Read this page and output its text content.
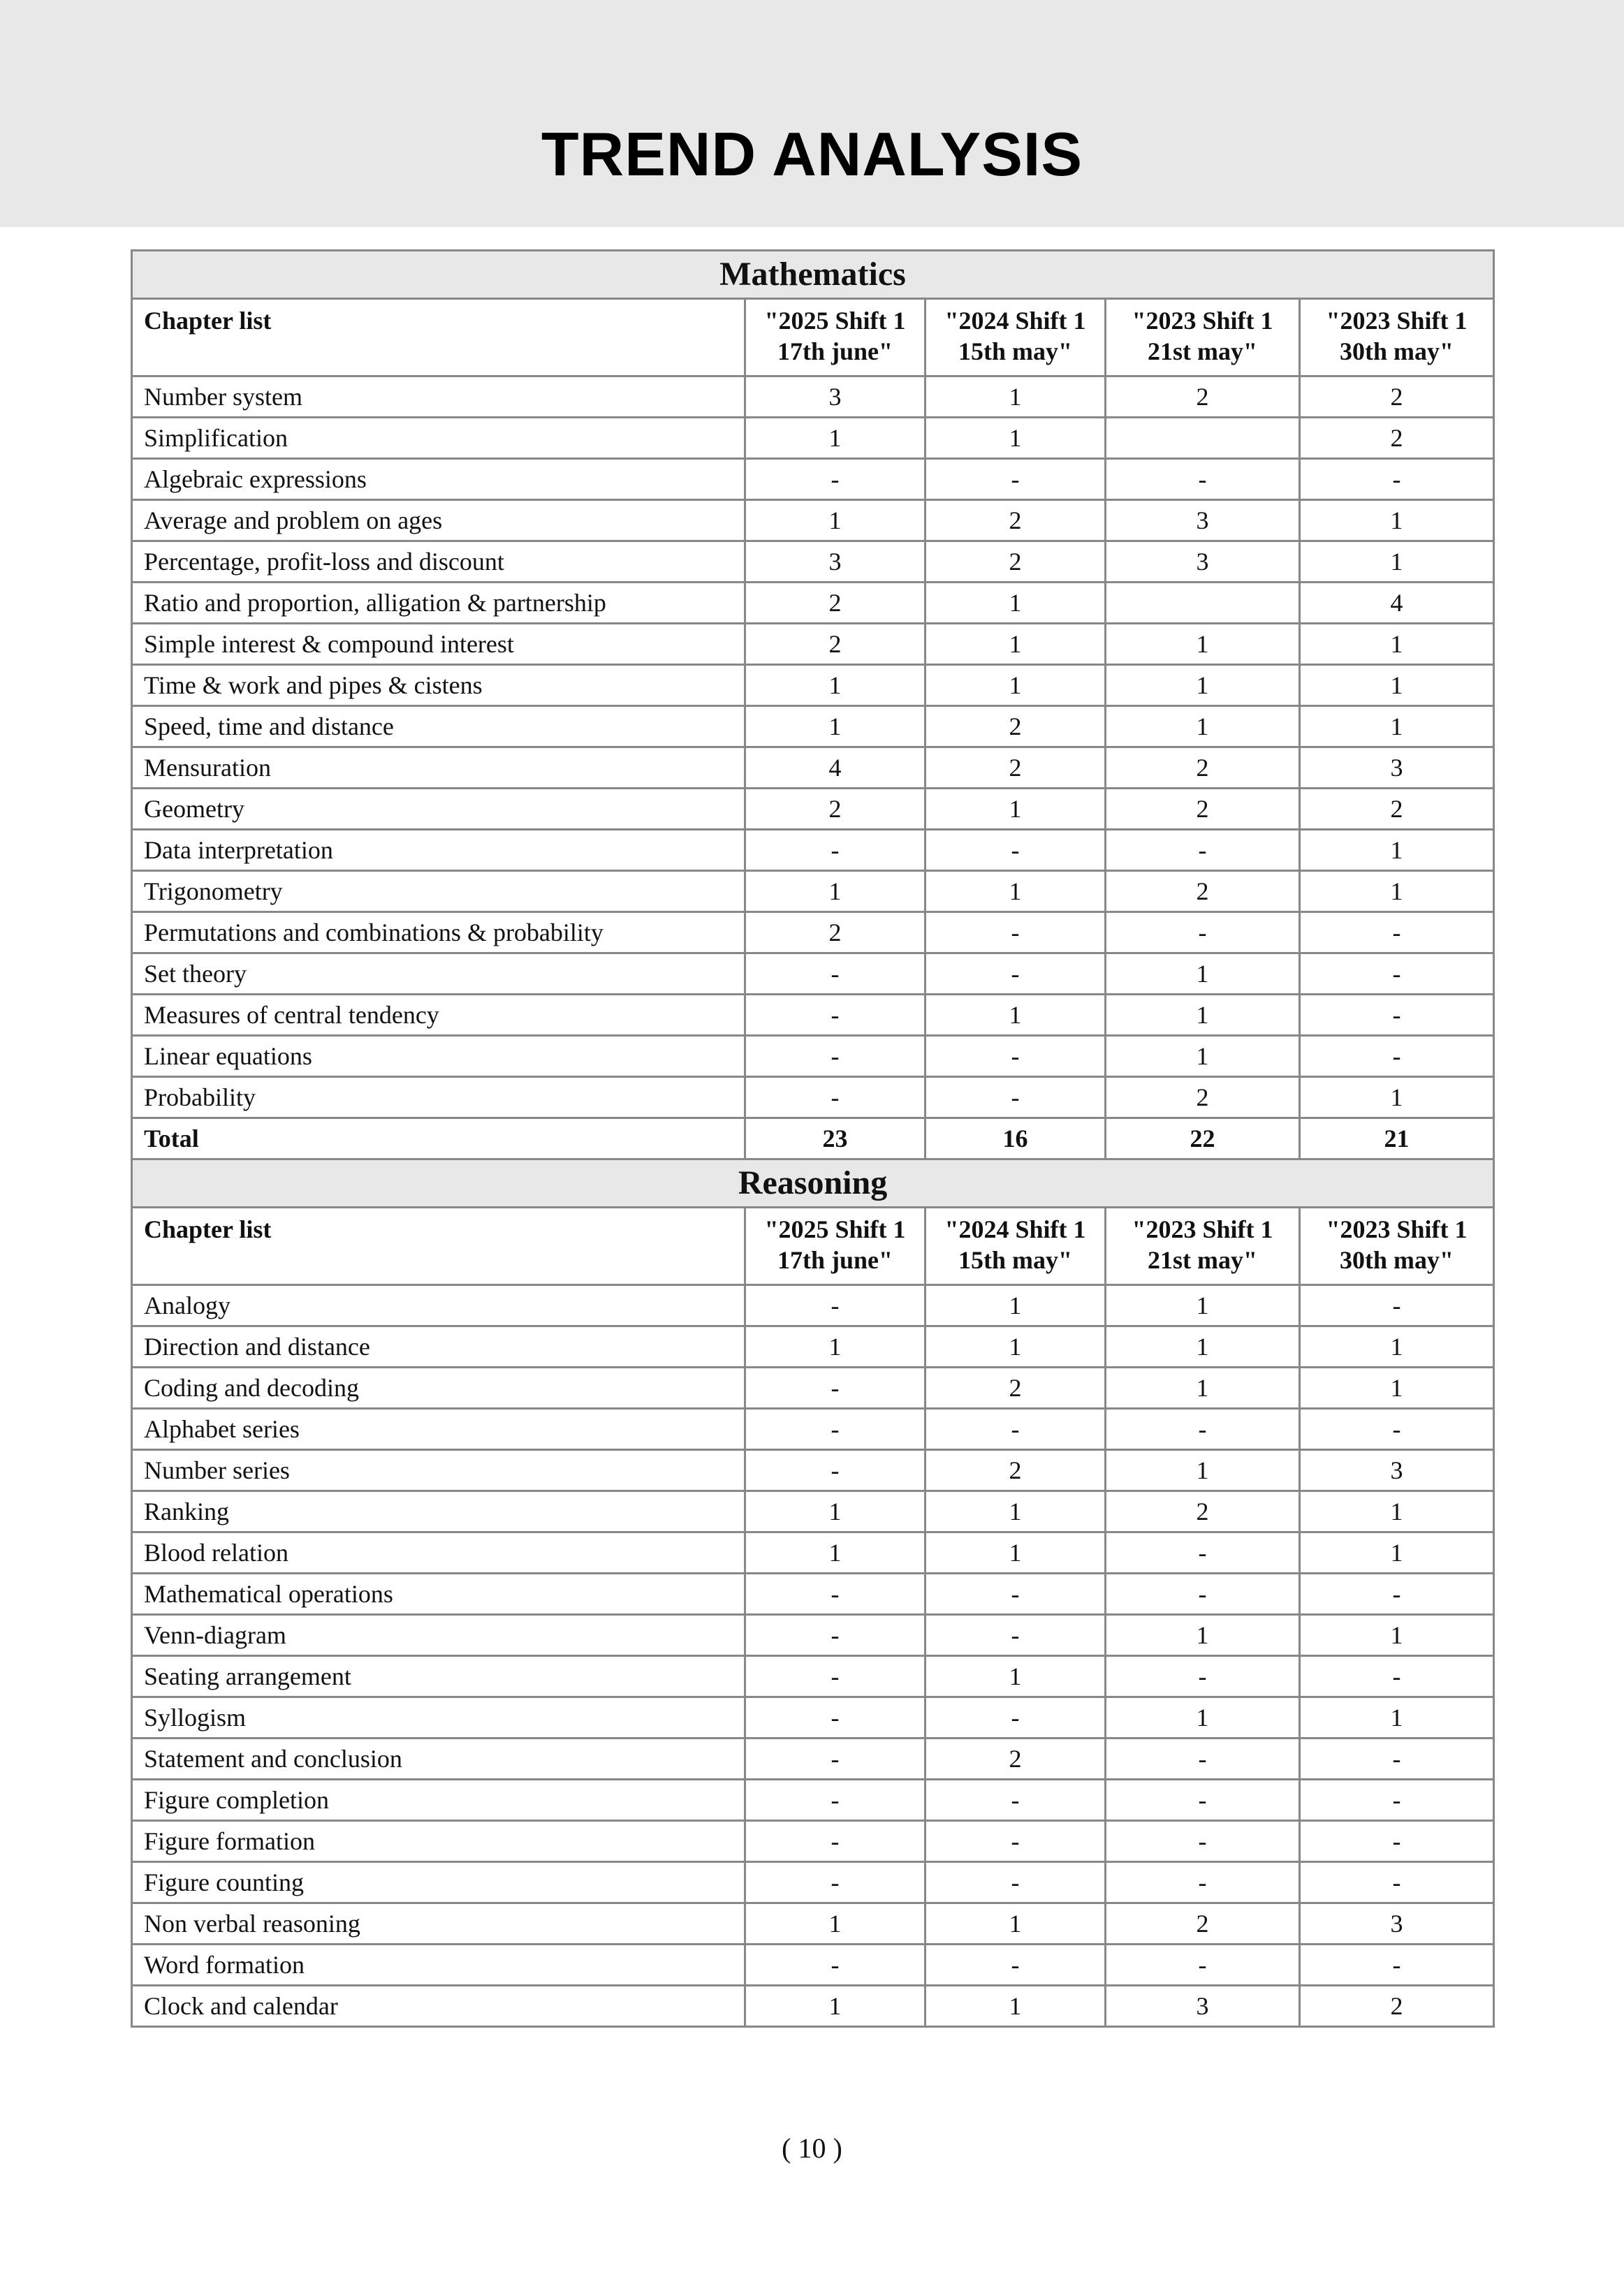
TREND ANALYSIS
Mathematics				
Chapter list	"2025 Shift 1 17th june"	"2024 Shift 1 15th may"	"2023 Shift 1 21st may"	"2023 Shift 1 30th may"
Number system	3	1	2	2
Simplification	1	1		2
Algebraic expressions	-	-	-	-
Average and problem on ages	1	2	3	1
Percentage, profit-loss and discount	3	2	3	1
Ratio and proportion, alligation & partnership	2	1		4
Simple interest & compound interest	2	1	1	1
Time & work and pipes & cistens	1	1	1	1
Speed, time and distance	1	2	1	1
Mensuration	4	2	2	3
Geometry	2	1	2	2
Data interpretation	-	-	-	1
Trigonometry	1	1	2	1
Permutations and combinations & probability	2	-	-	-
Set theory	-	-	1	-
Measures of central tendency	-	1	1	-
Linear equations	-	-	1	-
Probability	-	-	2	1
Total	23	16	22	21
Reasoning				
Chapter list	"2025 Shift 1 17th june"	"2024 Shift 1 15th may"	"2023 Shift 1 21st may"	"2023 Shift 1 30th may"
Analogy	-	1	1	-
Direction and distance	1	1	1	1
Coding and decoding	-	2	1	1
Alphabet series	-	-	-	-
Number series	-	2	1	3
Ranking	1	1	2	1
Blood relation	1	1	-	1
Mathematical operations	-	-	-	-
Venn-diagram	-	-	1	1
Seating arrangement	-	1	-	-
Syllogism	-	-	1	1
Statement and conclusion	-	2	-	-
Figure completion	-	-	-	-
Figure formation	-	-	-	-
Figure counting	-	-	-	-
Non verbal reasoning	1	1	2	3
Word formation	-	-	-	-
Clock and calendar	1	1	3	2
( 10 )
